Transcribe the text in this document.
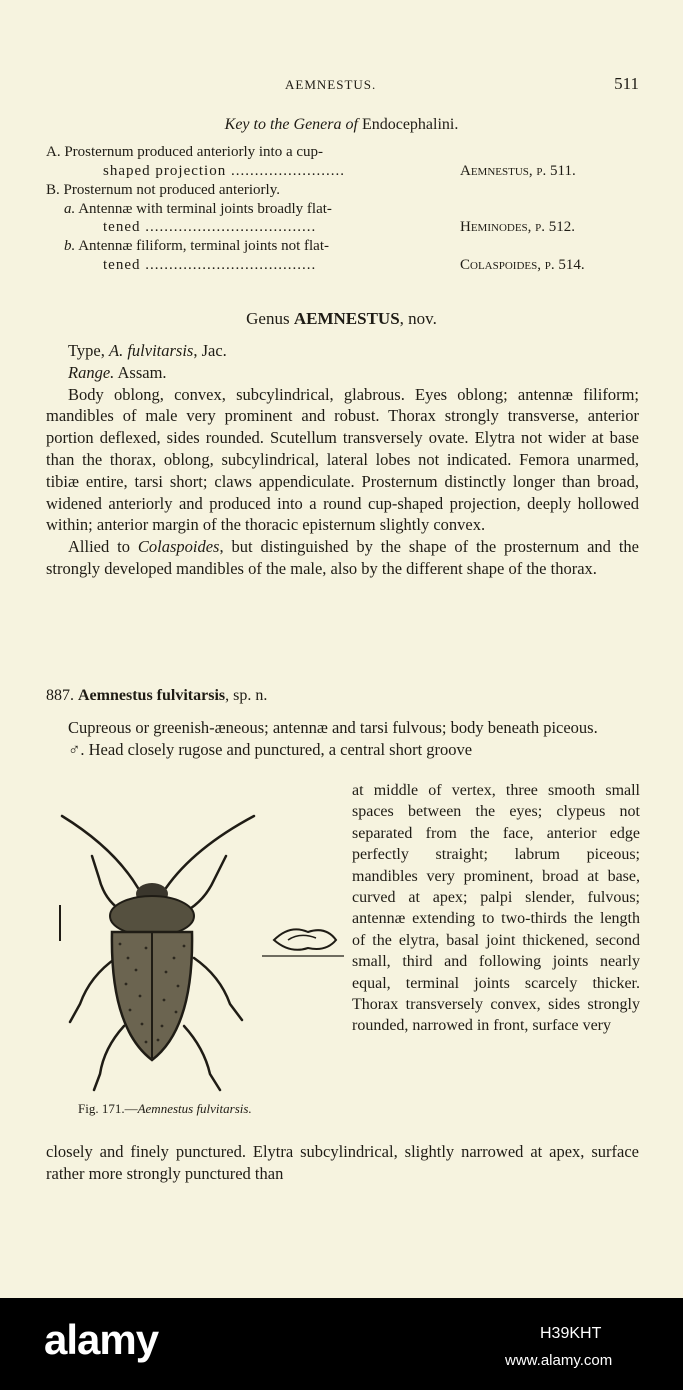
AEMNESTUS.	511
Key to the Genera of Endocephalini.
A. Prosternum produced anteriorly into a cup-
shaped projection ........................	Aemnestus, p. 511.
B. Prosternum not produced anteriorly.
a. Antennæ with terminal joints broadly flat-
tened ....................................	Heminodes, p. 512.
b. Antennæ filiform, terminal joints not flat-
tened ....................................	Colaspoides, p. 514.
Genus AEMNESTUS, nov.

Type, A. fulvitarsis, Jac.

Range. Assam.

Body oblong, convex, subcylindrical, glabrous. Eyes oblong; antennæ filiform; mandibles of male very prominent and robust. Thorax strongly transverse, anterior portion deflexed, sides rounded. Scutellum transversely ovate. Elytra not wider at base than the thorax, oblong, subcylindrical, lateral lobes not indicated. Femora unarmed, tibiæ entire, tarsi short; claws appendiculate. Prosternum distinctly longer than broad, widened anteriorly and produced into a round cup-shaped projection, deeply hollowed within; anterior margin of the thoracic episternum slightly convex.

Allied to Colaspoides, but distinguished by the shape of the prosternum and the strongly developed mandibles of the male, also by the different shape of the thorax.

887. Aemnestus fulvitarsis, sp. n.

Cupreous or greenish-æneous; antennæ and tarsi fulvous; body beneath piceous.

♂. Head closely rugose and punctured, a central short groove

at middle of vertex, three smooth small spaces between the eyes; clypeus not separated from the face, anterior edge perfectly straight; labrum piceous; mandibles very prominent, broad at base, curved at apex; palpi slender, fulvous; antennæ extending to two-thirds the length of the elytra, basal joint thickened, second small, third and following joints nearly equal, terminal joints scarcely thicker. Thorax transversely convex, sides strongly rounded, narrowed in front, surface very

Fig. 171.—Aemnestus fulvitarsis.

closely and finely punctured. Elytra subcylindrical, slightly narrowed at apex, surface rather more strongly punctured than

alamy	H39KHT
www.alamy.com
